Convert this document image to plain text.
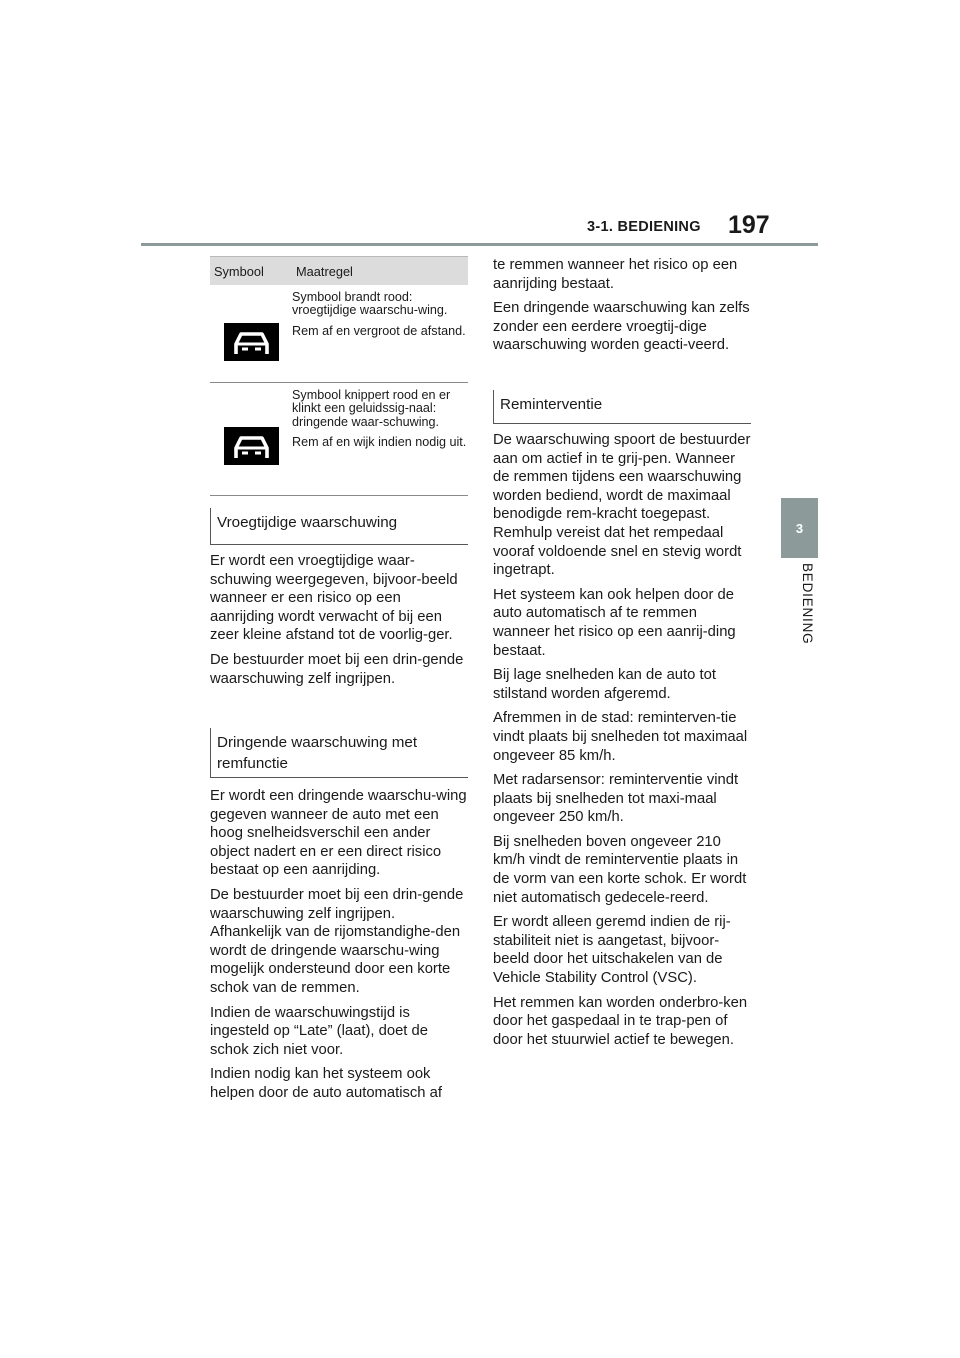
3-1. BEDIENING 197
3
BEDIENING
Symbool	Maatregel

Symbool brandt rood: vroegtijdige waarschu-wing.

Rem af en vergroot de afstand.

Symbool knippert rood en er klinkt een geluidssig-naal: dringende waar-schuwing.

Rem af en wijk indien nodig uit.

Vroegtijdige waarschuwing

Er wordt een vroegtijdige waar-schuwing weergegeven, bijvoor-beeld wanneer er een risico op een aanrijding wordt verwacht of bij een zeer kleine afstand tot de voorlig-ger.

De bestuurder moet bij een drin-gende waarschuwing zelf ingrijpen.

Dringende waarschuwing met remfunctie

Er wordt een dringende waarschu-wing gegeven wanneer de auto met een hoog snelheidsverschil een ander object nadert en er een direct risico bestaat op een aanrijding.

De bestuurder moet bij een drin-gende waarschuwing zelf ingrijpen. Afhankelijk van de rijomstandighe-den wordt de dringende waarschu-wing mogelijk ondersteund door een korte schok van de remmen.

Indien de waarschuwingstijd is ingesteld op “Late” (laat), doet de schok zich niet voor.

Indien nodig kan het systeem ook helpen door de auto automatisch af

te remmen wanneer het risico op een aanrijding bestaat.

Een dringende waarschuwing kan zelfs zonder een eerdere vroegtij-dige waarschuwing worden geacti-veerd.

Reminterventie

De waarschuwing spoort de bestuurder aan om actief in te grij-pen. Wanneer de remmen tijdens een waarschuwing worden bediend, wordt de maximaal benodigde rem-kracht toegepast. Remhulp vereist dat het rempedaal vooraf voldoende snel en stevig wordt ingetrapt.

Het systeem kan ook helpen door de auto automatisch af te remmen wanneer het risico op een aanrij-ding bestaat.

Bij lage snelheden kan de auto tot stilstand worden afgeremd.

Afremmen in de stad: reminterven-tie vindt plaats bij snelheden tot maximaal ongeveer 85 km/h.

Met radarsensor: reminterventie vindt plaats bij snelheden tot maxi-maal ongeveer 250 km/h.

Bij snelheden boven ongeveer 210 km/h vindt de reminterventie plaats in de vorm van een korte schok. Er wordt niet automatisch gedecele-reerd.

Er wordt alleen geremd indien de rij-stabiliteit niet is aangetast, bijvoor-beeld door het uitschakelen van de Vehicle Stability Control (VSC).

Het remmen kan worden onderbro-ken door het gaspedaal in te trap-pen of door het stuurwiel actief te bewegen.
